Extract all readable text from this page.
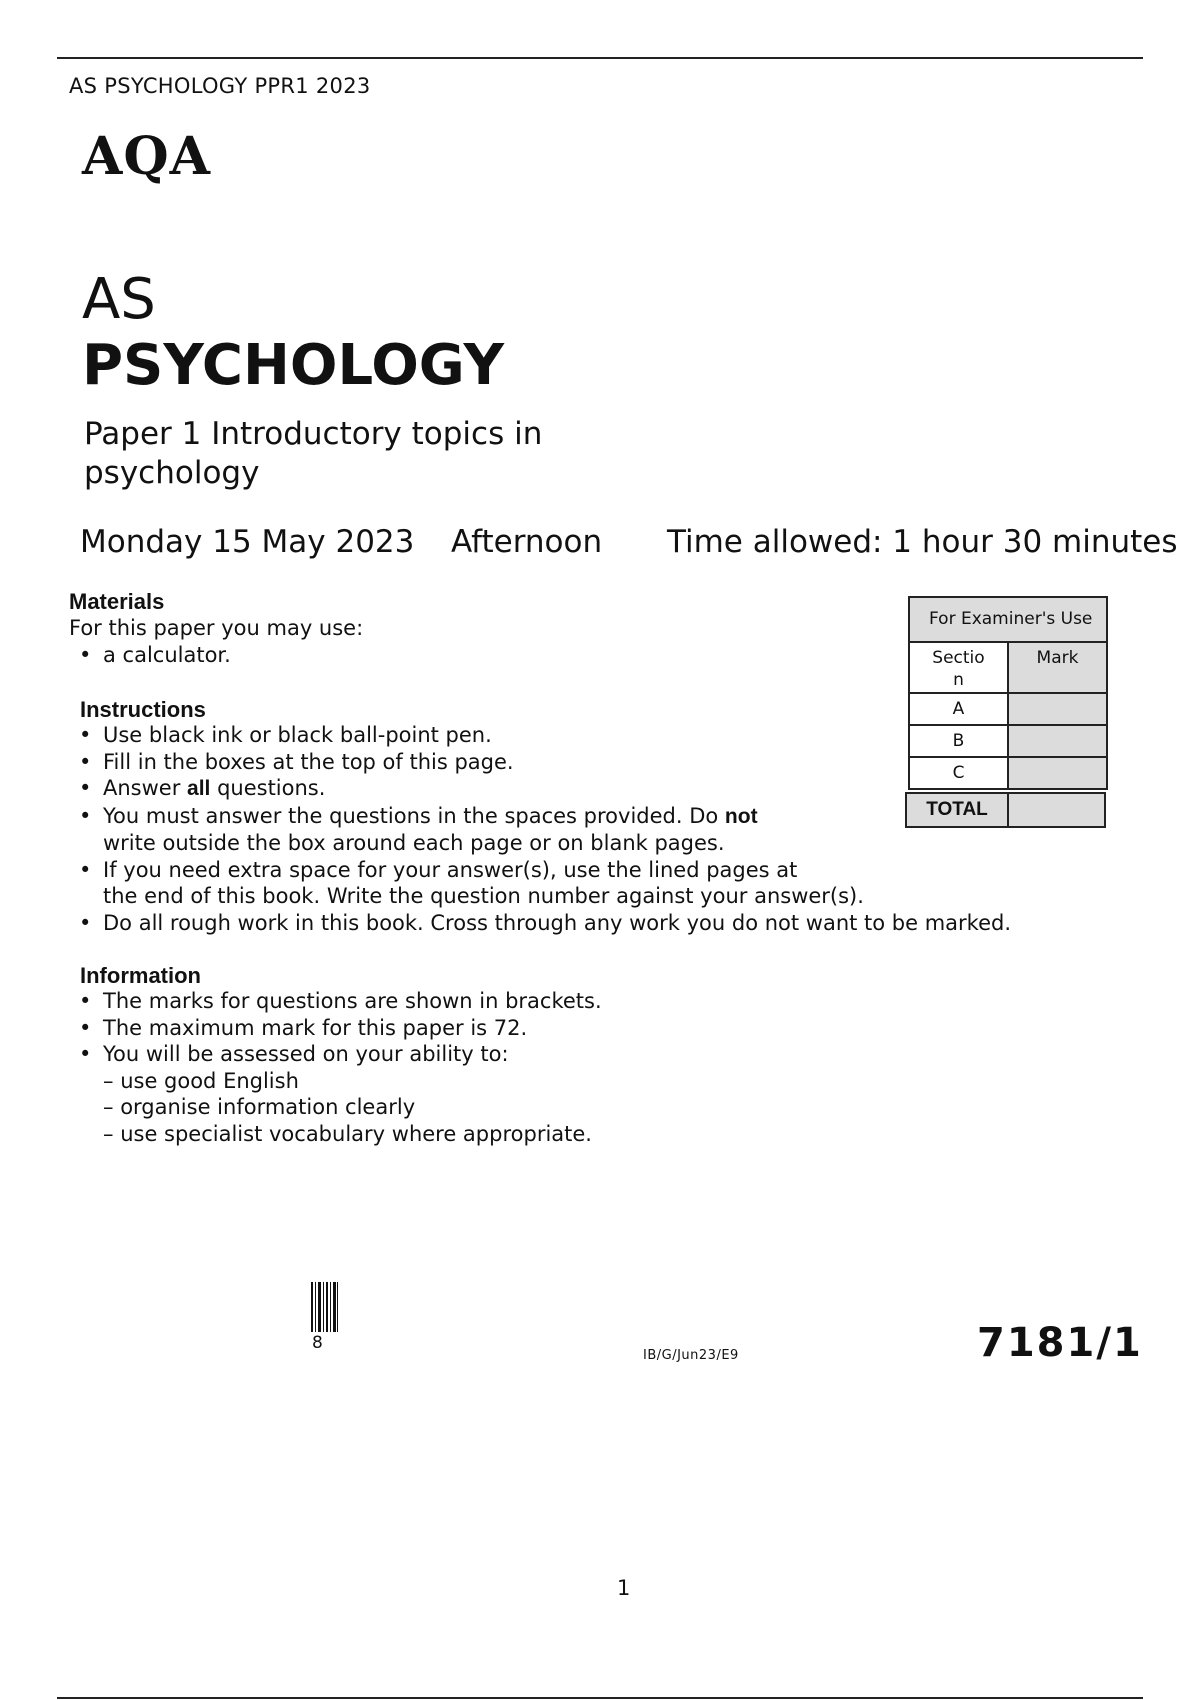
AS PSYCHOLOGY PPR1 2023
AQA
AS
PSYCHOLOGY
Paper 1 Introductory topics in psychology
Monday 15 May 2023 Afternoon Time allowed: 1 hour 30 minutes
Materials
For this paper you may use:
• a calculator.
Instructions
• Use black ink or black ball-point pen.
• Fill in the boxes at the top of this page.
• Answer all questions.
• You must answer the questions in the spaces provided. Do not
write outside the box around each page or on blank pages.
• If you need extra space for your answer(s), use the lined pages at
the end of this book. Write the question number against your answer(s).
• Do all rough work in this book. Cross through any work you do not want to be marked.
Information
• The marks for questions are shown in brackets.
• The maximum mark for this paper is 72.
• You will be assessed on your ability to:
– use good English
– organise information clearly
– use specialist vocabulary where appropriate.
For Examiner's Use
Sectio
n
Mark
A
B
C
TOTAL
8
IB/G/Jun23/E9	7181/1
1
